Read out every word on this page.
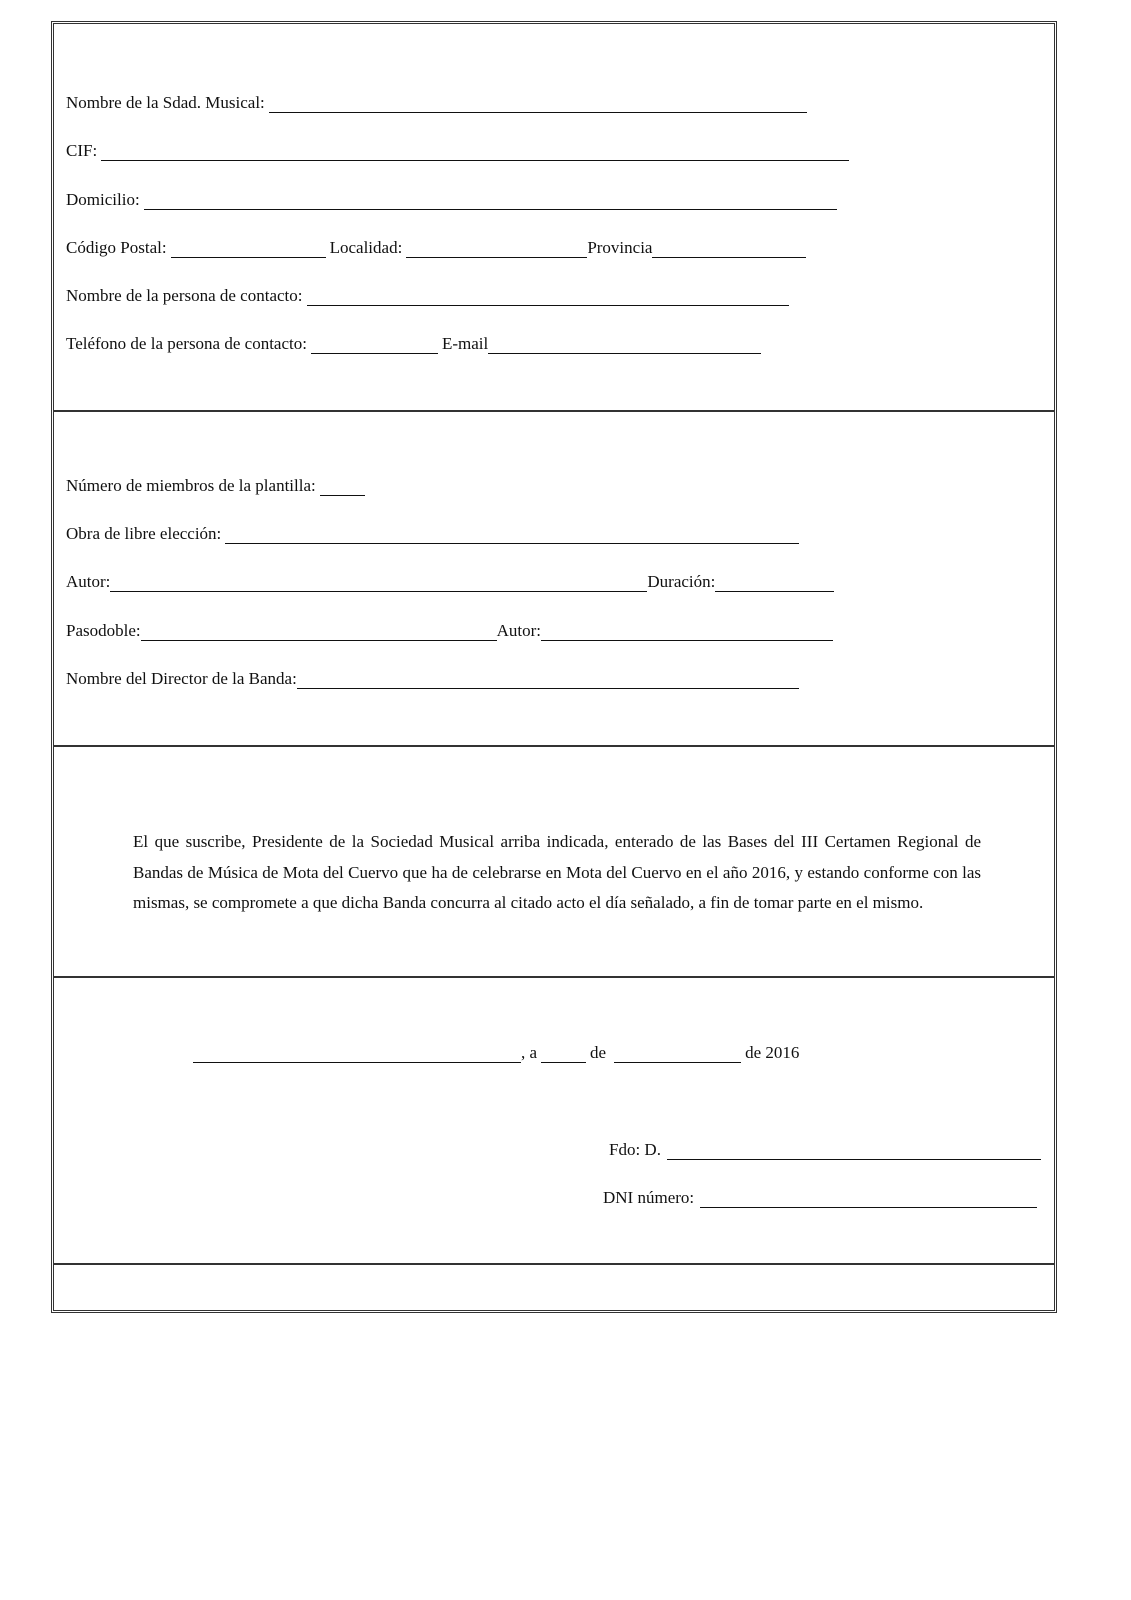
Nombre de la Sdad. Musical:
CIF:
Domicilio:
Código Postal:	Localidad:	Provincia
Nombre de la persona de contacto:
Teléfono de la persona de contacto:	E-mail
Número de miembros de la plantilla:
Obra de libre elección:
Autor:	Duración:
Pasodoble:	Autor:
Nombre del Director de la Banda:
El que suscribe, Presidente de la Sociedad Musical arriba indicada, enterado de las Bases del III Certamen Regional de Bandas de Música de Mota del Cuervo que ha de celebrarse en Mota del Cuervo en el año 2016, y estando conforme con las mismas, se compromete a que dicha Banda concurra al citado acto el día señalado, a fin de tomar parte en el mismo.
, a	de	de 2016
Fdo: D.
DNI número:
